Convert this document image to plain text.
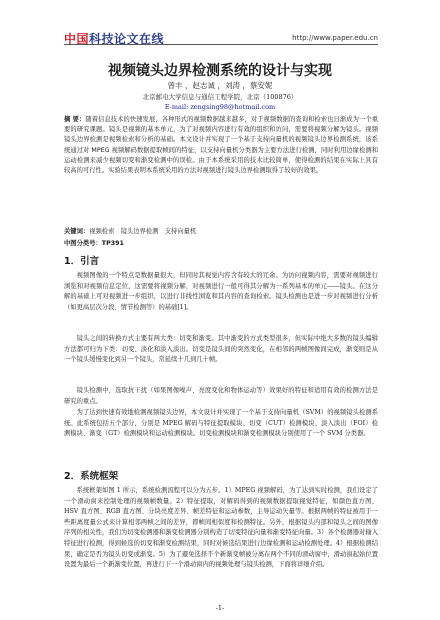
中国科技论文在线	http://www.paper.edu.cn
视频镜头边界检测系统的设计与实现
曾丰 ，赵志诚 ，刘涛 ，蔡安妮
北京邮电大学信息与通信工程学院，北京（100876）
E-mail: zengsing98@hotmail.com
摘 要：随着信息技术的快速发展，各种形式的视频数据越来越多，对于视频数据的查询和检索也日渐成为一个重要的研究课题。镜头是视频的基本单元，为了对视频内容进行有效的组织和访问，需要将视频分解为镜头。视频镜头边界检测是视频检索和分析的基础。本文设计并实现了一个基于支持向量机的视频镜头边界检测系统，该系统通过对 MPEG 视频解码数据提取帧间的特征，以支持向量机分类器为主要方法进行检测，同时利用边缘检测和运动检测来减少视频切变和渐变检测中的误检。由于本系统采用的技术比较简单，使得检测的结果在实际上具有较高的可行性。实验结果表明本系统采用的方法对视频进行镜头边界检测取得了较好的效果。
关键词：视频检索　镜头边界检测　支持向量机
中图分类号：TP391
1．引言
视频图像的一个特点是数据量很大，但同时其视觉内容含有较大的冗余。为访问视频内容，需要对视频进行浏览和对视频信息定位，这需要将视频分解，对视频进行一般可得其分解为一系列基本的单元——镜头。在这分解的基础上可对视频进一步组织，以进行非线性浏览和其内容的查询检索。镜头检测也是进一步对视频进行分析（如更高层次分段、情节检测等）的基础[1]。
镜头之间的转换方式主要有两大类：切变和渐变。其中渐变的方式类型很多，但实际中绝大多数的镜头编辑方法都可归为下类：切变、淡化和淡入淡出。切变是镜头间的突然变化，在相邻的两帧图像间完成，渐变则是从一个镜头缓慢变化到另一个镜头，常延续十几到几十帧。
镜头检测中，选取抗干扰（如果图像噪声、亮度变化和物体运动等）效果好的特征和适用有效的检测方法是研究的重点。
为了达到快速有效地检测视频镜头边界，本文设计并实现了一个基于支持向量机（SVM）的视频镜头检测系统。此系统包括五个部分，分别是 MPEG 解码与特征提取模块、切变（CUT）检测模块、淡入淡出（FOI）检测模块、渐变（GT）检测模块和运动检测模块。切变检测模块和渐变检测模块分别使用了一个 SVM 分类器。
2．系统框架
系统框架如图 1 所示，系统检测流程可以分为五步。1）MPEG 视频解码，为了达到实时检测，我们设定了一个滑动窗来控制处理的视频帧数量。2）特征提取，对解码得到的视频数据提取视觉特征，如颜色直方图、HSV 直方图、RGB 直方图、分块亮度差异、帧差特征和运动参数，主导运动矢量等。根据两帧的特征被用于一些距离度量公式来计算相邻两帧之间的差异，即帧间相似度和检测特征。另外，根据镜头内部和镜头之间的图像序列的相关性，我们为切变检测器和渐变检测器分别构造了切变特征向量和渐变特征向量。3）各个检测器对输入特征进行检测，得到候选的切变和渐变检测结果，同时对候选结果进行边缘检测和运动检测处理。4）根据检测结果，确定是否为镜头切变或渐变。5）为了避免选择不个新渐变帧被分离在两个不同的滑动窗中，滑动窗起始位置设置为最后一个新渐变位置，再进行下一个滑动窗内的视频处理与镜头检测，下面将详细介绍。
-1-
